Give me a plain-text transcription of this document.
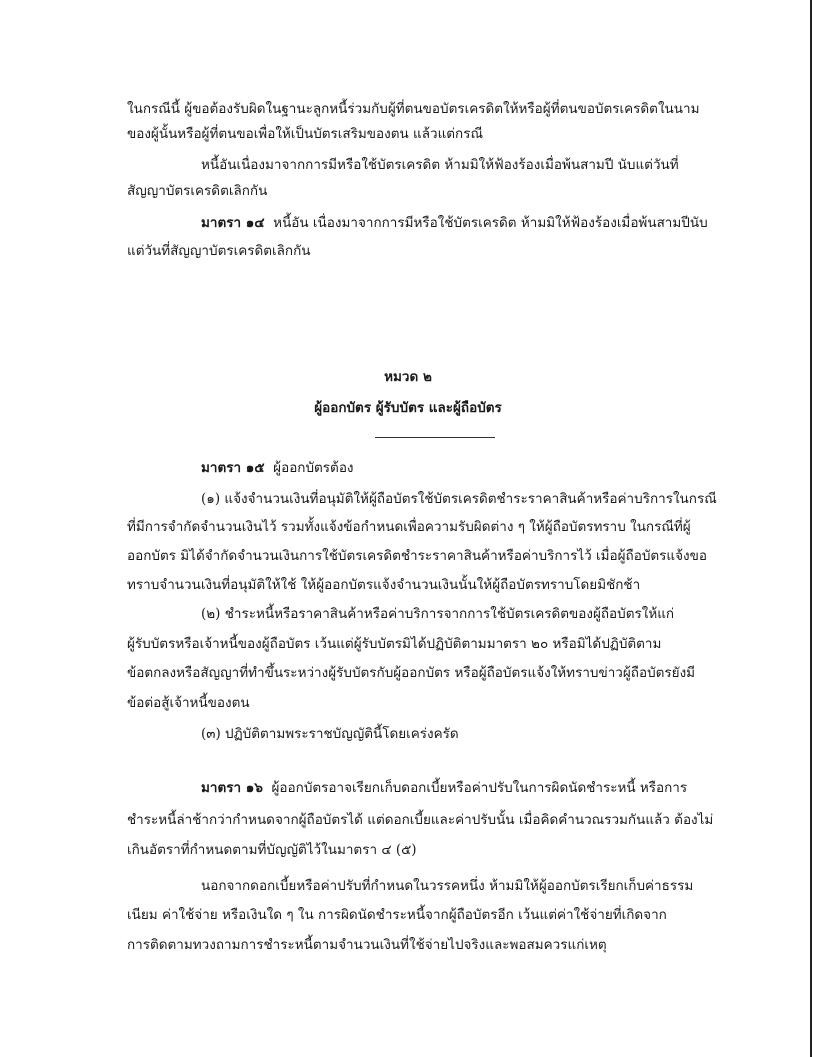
ในกรณีนี้ ผู้ขอต้องรับผิดในฐานะลูกหนี้ร่วมกับผู้ที่ตนขอบัตรเครดิตให้หรือผู้ที่ตนขอบัตรเครดิตในนาม
ของผู้นั้นหรือผู้ที่ตนขอเพื่อให้เป็นบัตรเสริมของตน แล้วแต่กรณี
หนี้อันเนื่องมาจากการมีหรือใช้บัตรเครดิต ห้ามมิให้ฟ้องร้องเมื่อพ้นสามปี นับแต่วันที่
สัญญาบัตรเครดิตเลิกกัน
มาตรา ๑๔ หนี้อัน เนื่องมาจากการมีหรือใช้บัตรเครดิต ห้ามมิให้ฟ้องร้องเมื่อพ้นสามปีนับ
แต่วันที่สัญญาบัตรเครดิตเลิกกัน
หมวด ๒
ผู้ออกบัตร ผู้รับบัตร และผู้ถือบัตร
มาตรา ๑๕ ผู้ออกบัตรต้อง
(๑) แจ้งจำนวนเงินที่อนุมัติให้ผู้ถือบัตรใช้บัตรเครดิตชำระราคาสินค้าหรือค่าบริการในกรณี
ที่มีการจำกัดจำนวนเงินไว้ รวมทั้งแจ้งข้อกำหนดเพื่อความรับผิดต่าง ๆ ให้ผู้ถือบัตรทราบ ในกรณีที่ผู้
ออกบัตร มิได้จำกัดจำนวนเงินการใช้บัตรเครดิตชำระราคาสินค้าหรือค่าบริการไว้ เมื่อผู้ถือบัตรแจ้งขอ
ทราบจำนวนเงินที่อนุมัติให้ใช้ ให้ผู้ออกบัตรแจ้งจำนวนเงินนั้นให้ผู้ถือบัตรทราบโดยมิชักช้า
(๒) ชำระหนี้หรือราคาสินค้าหรือค่าบริการจากการใช้บัตรเครดิตของผู้ถือบัตรให้แก่
ผู้รับบัตรหรือเจ้าหนี้ของผู้ถือบัตร เว้นแต่ผู้รับบัตรมิได้ปฏิบัติตามมาตรา ๒๐ หรือมิได้ปฏิบัติตาม
ข้อตกลงหรือสัญญาที่ทำขึ้นระหว่างผู้รับบัตรกับผู้ออกบัตร หรือผู้ถือบัตรแจ้งให้ทราบข่าวผู้ถือบัตรยังมี
ข้อต่อสู้เจ้าหนี้ของตน
(๓) ปฏิบัติตามพระราชบัญญัตินี้โดยเคร่งครัด
มาตรา ๑๖ ผู้ออกบัตรอาจเรียกเก็บดอกเบี้ยหรือค่าปรับในการผิดนัดชำระหนี้ หรือการ
ชำระหนี้ล่าช้ากว่ากำหนดจากผู้ถือบัตรได้ แต่ดอกเบี้ยและค่าปรับนั้น เมื่อคิดคำนวณรวมกันแล้ว ต้องไม่
เกินอัตราที่กำหนดตามที่บัญญัติไว้ในมาตรา ๔ (๕)
นอกจากดอกเบี้ยหรือค่าปรับที่กำหนดในวรรคหนึ่ง ห้ามมิให้ผู้ออกบัตรเรียกเก็บค่าธรรม
เนียม ค่าใช้จ่าย หรือเงินใด ๆ ใน การผิดนัดชำระหนี้จากผู้ถือบัตรอีก เว้นแต่ค่าใช้จ่ายที่เกิดจาก
การติดตามทวงถามการชำระหนี้ตามจำนวนเงินที่ใช้จ่ายไปจริงและพอสมควรแก่เหตุ
